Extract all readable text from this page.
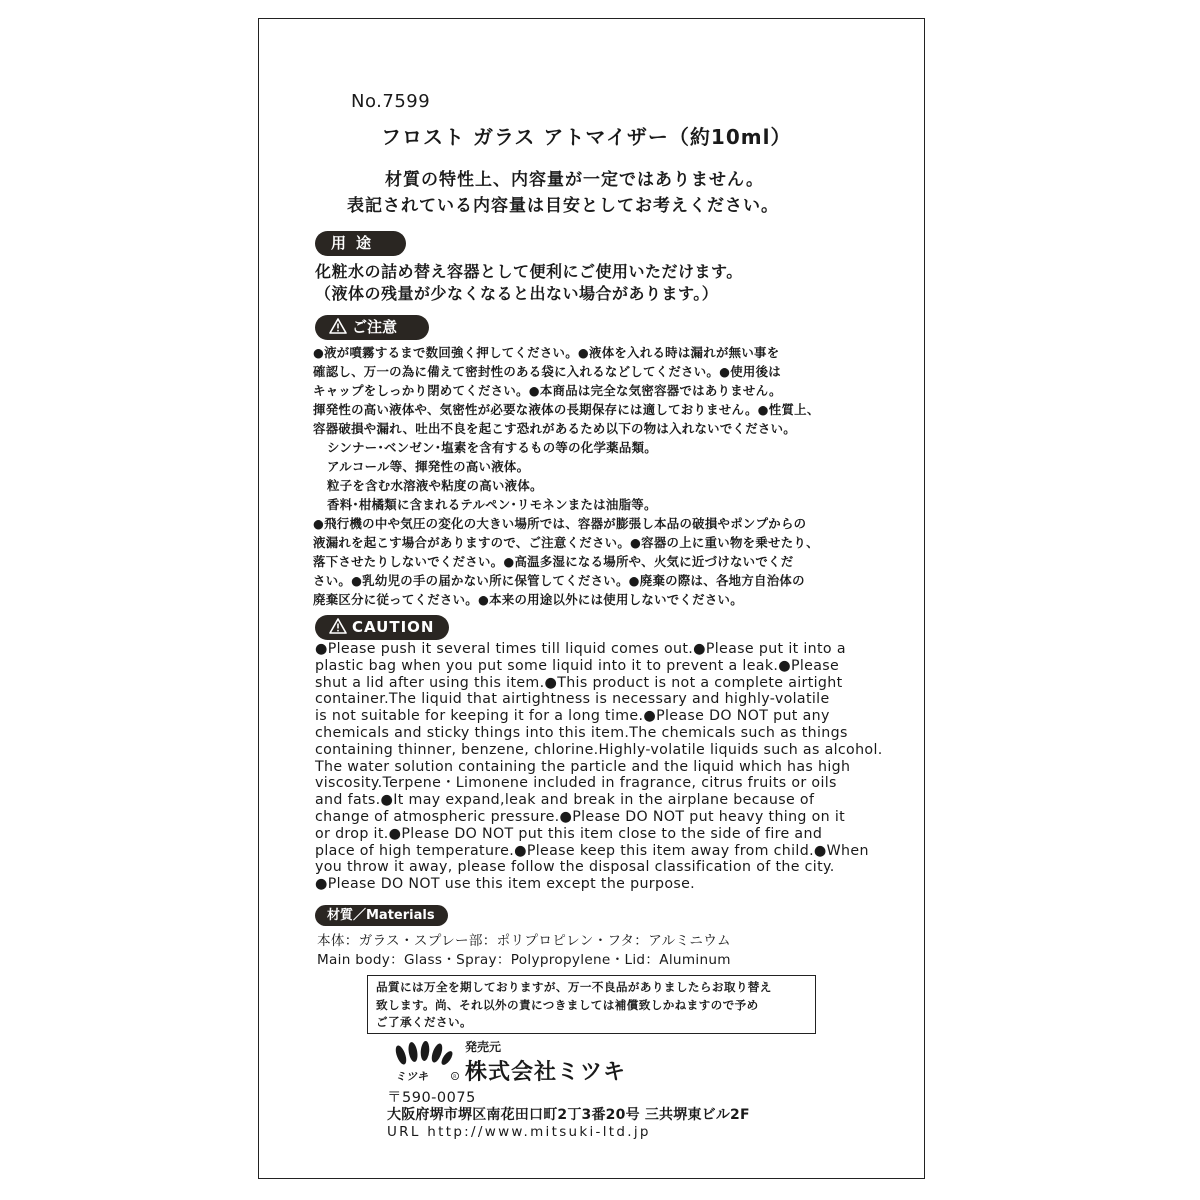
No.7599
フロスト ガラス アトマイザー（約10ml）
材質の特性上、内容量が一定ではありません。
表記されている内容量は目安としてお考えください。
用途
化粧水の詰め替え容器として便利にご使用いただけます。
（液体の残量が少なくなると出ない場合があります。）
ご注意
●液が噴霧するまで数回強く押してください。●液体を入れる時は漏れが無い事を
確認し、万一の為に備えて密封性のある袋に入れるなどしてください。●使用後は
キャップをしっかり閉めてください。●本商品は完全な気密容器ではありません。
揮発性の高い液体や、気密性が必要な液体の長期保存には適しておりません。●性質上、
容器破損や漏れ、吐出不良を起こす恐れがあるため以下の物は入れないでください。
シンナー･ベンゼン･塩素を含有するもの等の化学薬品類。
アルコール等、揮発性の高い液体。
粒子を含む水溶液や粘度の高い液体。
香料･柑橘類に含まれるテルペン･リモネンまたは油脂等。
●飛行機の中や気圧の変化の大きい場所では、容器が膨張し本品の破損やポンプからの
液漏れを起こす場合がありますので、ご注意ください。●容器の上に重い物を乗せたり、
落下させたりしないでください。●高温多湿になる場所や、火気に近づけないでくだ
さい。●乳幼児の手の届かない所に保管してください。●廃棄の際は、各地方自治体の
廃棄区分に従ってください。●本来の用途以外には使用しないでください。
CAUTION
●Please push it several times till liquid comes out.●Please put it into a
plastic bag when you put some liquid into it to prevent a leak.●Please
shut a lid after using this item.●This product is not a complete airtight
container.The liquid that airtightness is necessary and highly-volatile
is not suitable for keeping it for a long time.●Please DO NOT put any
chemicals and sticky things into this item.The chemicals such as things
containing thinner, benzene, chlorine.Highly-volatile liquids such as alcohol.
The water solution containing the particle and the liquid which has high
viscosity.Terpene・Limonene included in fragrance, citrus fruits or oils
and fats.●It may expand,leak and break in the airplane because of
change of atmospheric pressure.●Please DO NOT put heavy thing on it
or drop it.●Please DO NOT put this item close to the side of fire and
place of high temperature.●Please keep this item away from child.●When
you throw it away, please follow the disposal classification of the city.
●Please DO NOT use this item except the purpose.
材質／Materials
本体：ガラス・スプレー部：ポリプロピレン・フタ：アルミニウム
Main body：Glass・Spray：Polypropylene・Lid：Aluminum
品質には万全を期しておりますが、万一不良品がありましたらお取り替え
致します。尚、それ以外の責につきましては補償致しかねますので予め
ご了承ください。
ミツキ	R
発売元
株式会社ミツキ
〒590-0075
大阪府堺市堺区南花田口町2丁3番20号 三共堺東ビル2F
URL http://www.mitsuki-ltd.jp
